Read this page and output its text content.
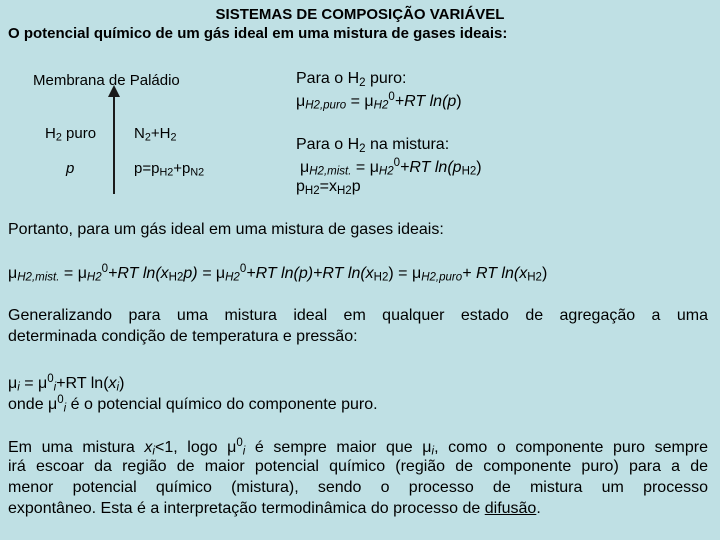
SISTEMAS DE COMPOSIÇÃO VARIÁVEL
O potencial químico de um gás ideal em uma mistura de gases ideais:
Membrana de Paládio
$H_2$ puro
p
$N_2+H_2$
$p=p_{H2}+p_{N2}$
Para o $H_2$ puro:
$\mu_{H2,puro} = \mu_{H2}^0+RT$ ln(p)
Para o $H_2$ na mistura:
$\mu_{H2,mist.} = \mu_{H2}^0+RT$ $\ln(p_{H2})$
$p_{H2}=x_{H2}p$
Portanto, para um gás ideal em uma mistura de gases ideais:
$\mu_{H2,mist.} = \mu_{H2}^0+RT$ $\ln(x_{H2}p) = \mu_{H2}^0+RT$ ln(p)+RT $\ln(x_{H2}) = \mu_{H2,puro}+$ RT $\ln(x_{H2})$
Generalizando para uma mistura ideal em qualquer estado de agregação a uma
determinada condição de temperatura e pressão:
$\mu_i = \mu^0_i+RT$ $\ln(x_i)$
onde $\mu^0_i$ é o potencial químico do componente puro.
Em uma mistura $x_i<1$, logo $\mu^0_i$ é sempre maior que $\mu_i$, como o componente puro sempre
irá escoar da região de maior potencial químico (região de componente puro) para a de
menor potencial químico (mistura), sendo o processo de mistura um processo
expontâneo. Esta é a interpretação termodinâmica do processo de difusão.
